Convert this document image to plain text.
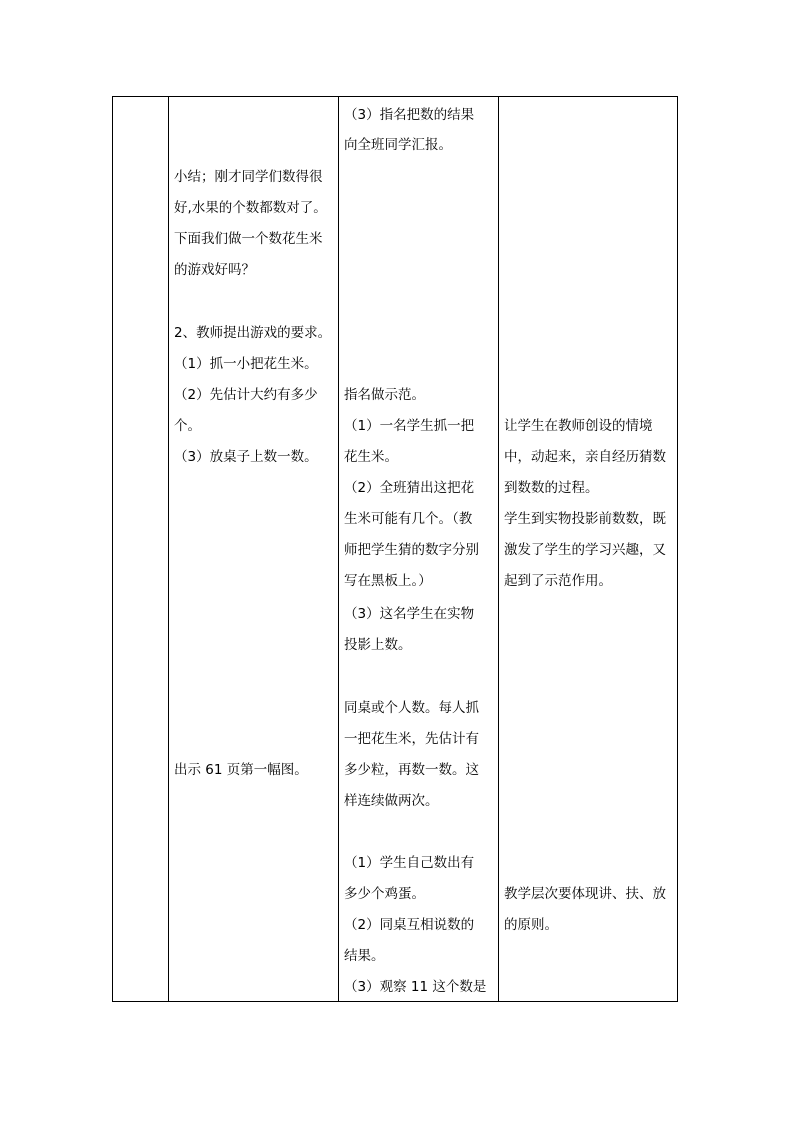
小结；刚才同学们数得很
好,水果的个数都数对了。
下面我们做一个数花生米
的游戏好吗？
2、教师提出游戏的要求。
（1）抓一小把花生米。
（2）先估计大约有多少
个。
（3）放桌子上数一数。
出示 61 页第一幅图。
（3）指名把数的结果
向全班同学汇报。
指名做示范。
（1）一名学生抓一把
花生米。
（2）全班猜出这把花
生米可能有几个。（教
师把学生猜的数字分别
写在黑板上。）
（3）这名学生在实物
投影上数。
同桌或个人数。每人抓
一把花生米，先估计有
多少粒，再数一数。这
样连续做两次。
（1）学生自己数出有
多少个鸡蛋。
（2）同桌互相说数的
结果。
（3）观察 11 这个数是
让学生在教师创设的情境
中，动起来，亲自经历猜数
到数数的过程。
学生到实物投影前数数，既
激发了学生的学习兴趣，又
起到了示范作用。
教学层次要体现讲、扶、放
的原则。
